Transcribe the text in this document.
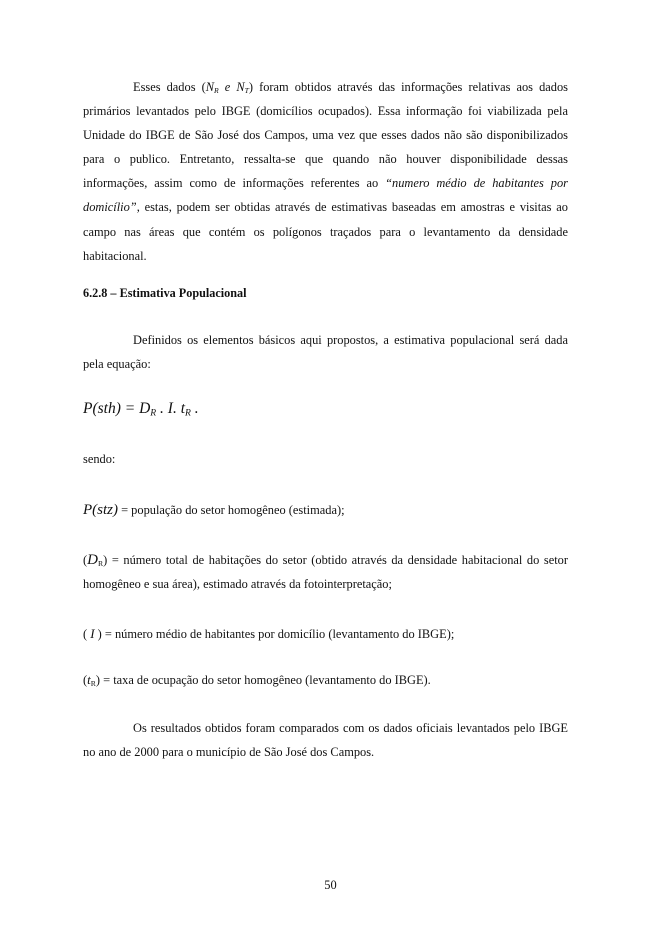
Esses dados ($N_R$ e $N_T$) foram obtidos através das informações relativas aos dados primários levantados pelo IBGE (domicílios ocupados). Essa informação foi viabilizada pela Unidade do IBGE de São José dos Campos, uma vez que esses dados não são disponibilizados para o publico. Entretanto, ressalta-se que quando não houver disponibilidade dessas informações, assim como de informações referentes ao “numero médio de habitantes por domicílio”, estas, podem ser obtidas através de estimativas baseadas em amostras e visitas ao campo nas áreas que contém os polígonos traçados para o levantamento da densidade habitacional.

6.2.8 – Estimativa Populacional

Definidos os elementos básicos aqui propostos, a estimativa populacional será dada pela equação:

$P(sth) = D_R$ . I. $t_R$ .

sendo:

P(stz) = população do setor homogêneo (estimada);

$(D_R)$ = número total de habitações do setor (obtido através da densidade habitacional do setor homogêneo e sua área), estimado através da fotointerpretação;

( I ) = número médio de habitantes por domicílio (levantamento do IBGE);

$(t_R)$ = taxa de ocupação do setor homogêneo (levantamento do IBGE).

Os resultados obtidos foram comparados com os dados oficiais levantados pelo IBGE no ano de 2000 para o município de São José dos Campos.

50
